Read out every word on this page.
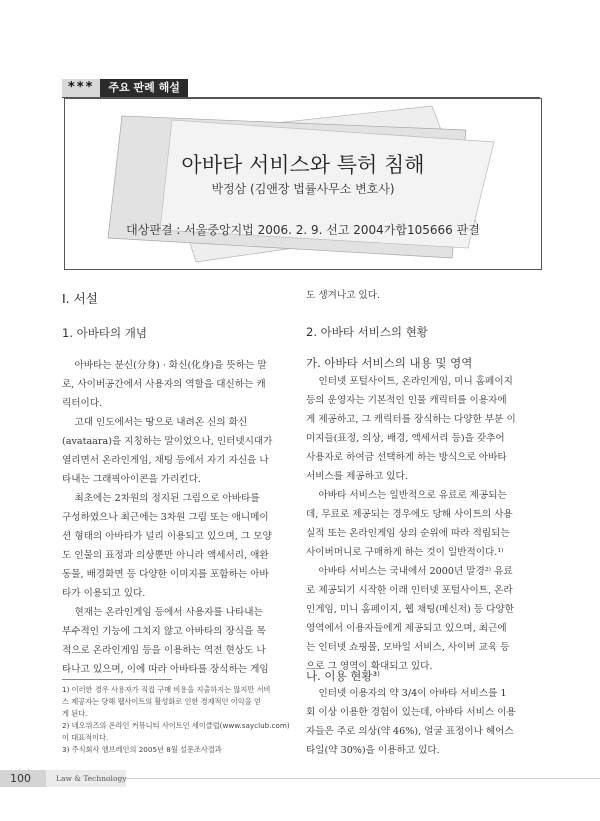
***	주요 판례 해설
아바타 서비스와 특허 침해
박정삼 (김앤장 법률사무소 변호사)
대상판결 : 서울중앙지법 2006. 2. 9. 선고 2004가합105666 판결
Ⅰ. 서설
1. 아바타의 개념

아바타는 분신(分身) · 화신(化身)을 뜻하는 말

로, 사이버공간에서 사용자의 역할을 대신하는 캐

릭터이다.

고대 인도에서는 땅으로 내려온 신의 화신

(avataara)을 지칭하는 말이었으나, 인터넷시대가

열리면서 온라인게임, 채팅 등에서 자기 자신을 나

타내는 그래픽아이콘을 가리킨다.

최초에는 2차원의 정지된 그림으로 아바타를

구성하였으나 최근에는 3차원 그림 또는 애니메이

션 형태의 아바타가 널리 이용되고 있으며, 그 모양

도 인물의 표정과 의상뿐만 아니라 액세서리, 애완

동물, 배경화면 등 다양한 이미지를 포함하는 아바

타가 이용되고 있다.

현재는 온라인게임 등에서 사용자를 나타내는

부수적인 기능에 그치지 않고 아바타의 장식을 목

적으로 온라인게임 등을 이용하는 역전 현상도 나

타나고 있으며, 이에 따라 아바타를 장식하는 게임

도 생겨나고 있다.

2. 아바타 서비스의 현황
가. 아바타 서비스의 내용 및 영역

인터넷 포털사이트, 온라인게임, 미니 홈페이지

등의 운영자는 기본적인 인물 캐릭터를 이용자에

게 제공하고, 그 캐릭터를 장식하는 다양한 부분 이

미지들(표정, 의상, 배경, 액세서리 등)을 갖추어

사용자로 하여금 선택하게 하는 방식으로 아바타

서비스를 제공하고 있다.

아바타 서비스는 일반적으로 유료로 제공되는

데, 무료로 제공되는 경우에도 당해 사이트의 사용

실적 또는 온라인게임 상의 순위에 따라 적립되는

사이버머니로 구매하게 하는 것이 일반적이다.¹⁾

아바타 서비스는 국내에서 2000년 말경²⁾ 유료

로 제공되기 시작한 이래 인터넷 포털사이트, 온라

인게임, 미니 홈페이지, 웹 채팅(메신저) 등 다양한

영역에서 이용자들에게 제공되고 있으며, 최근에

는 인터넷 쇼핑몰, 모바일 서비스, 사이버 교육 등

으로 그 영역이 확대되고 있다.

나. 이용 현황³⁾

인터넷 이용자의 약 3/4이 아바타 서비스를 1

회 이상 이용한 경험이 있는데, 아바타 서비스 이용

자들은 주로 의상(약 46%), 얼굴 표정이나 헤어스

타일(약 30%)을 이용하고 있다.

1) 이러한 경우 사용자가 직접 구매 비용을 지출하지는 않지만 서비
스 제공자는 당해 웹사이트의 활성화로 인한 경제적인 이익을 얻
게 된다.
2) 네오위즈의 온라인 커뮤니티 사이트인 세이클럽(www.sayclub.com)
이 대표적이다.
3) 주식회사 엠브레인의 2005년 8월 설문조사결과
100	Law & Technology
